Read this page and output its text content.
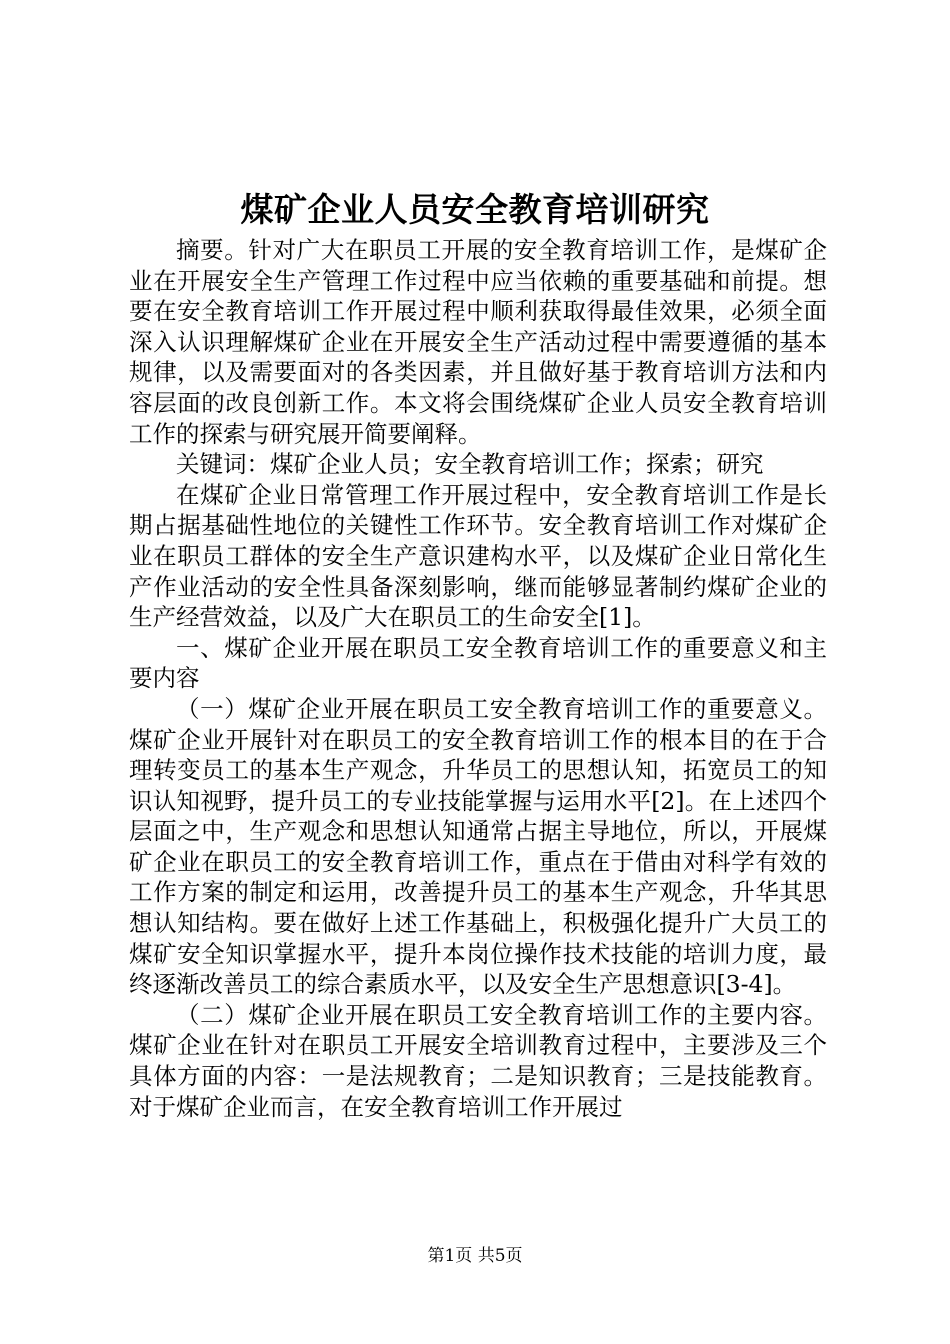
煤矿企业人员安全教育培训研究

摘要。针对广大在职员工开展的安全教育培训工作，是煤矿企业在开展安全生产管理工作过程中应当依赖的重要基础和前提。想要在安全教育培训工作开展过程中顺利获取得最佳效果，必须全面深入认识理解煤矿企业在开展安全生产活动过程中需要遵循的基本规律，以及需要面对的各类因素，并且做好基于教育培训方法和内容层面的改良创新工作。本文将会围绕煤矿企业人员安全教育培训工作的探索与研究展开简要阐释。

关键词：煤矿企业人员；安全教育培训工作；探索；研究

在煤矿企业日常管理工作开展过程中，安全教育培训工作是长期占据基础性地位的关键性工作环节。安全教育培训工作对煤矿企业在职员工群体的安全生产意识建构水平，以及煤矿企业日常化生产作业活动的安全性具备深刻影响，继而能够显著制约煤矿企业的生产经营效益，以及广大在职员工的生命安全[1]。

一、煤矿企业开展在职员工安全教育培训工作的重要意义和主要内容

（一）煤矿企业开展在职员工安全教育培训工作的重要意义。煤矿企业开展针对在职员工的安全教育培训工作的根本目的在于合理转变员工的基本生产观念，升华员工的思想认知，拓宽员工的知识认知视野，提升员工的专业技能掌握与运用水平[2]。在上述四个层面之中，生产观念和思想认知通常占据主导地位，所以，开展煤矿企业在职员工的安全教育培训工作，重点在于借由对科学有效的工作方案的制定和运用，改善提升员工的基本生产观念，升华其思想认知结构。要在做好上述工作基础上，积极强化提升广大员工的煤矿安全知识掌握水平，提升本岗位操作技术技能的培训力度，最终逐渐改善员工的综合素质水平，以及安全生产思想意识[3-4]。

（二）煤矿企业开展在职员工安全教育培训工作的主要内容。煤矿企业在针对在职员工开展安全培训教育过程中，主要涉及三个具体方面的内容：一是法规教育；二是知识教育；三是技能教育。对于煤矿企业而言，在安全教育培训工作开展过

第1页 共5页
